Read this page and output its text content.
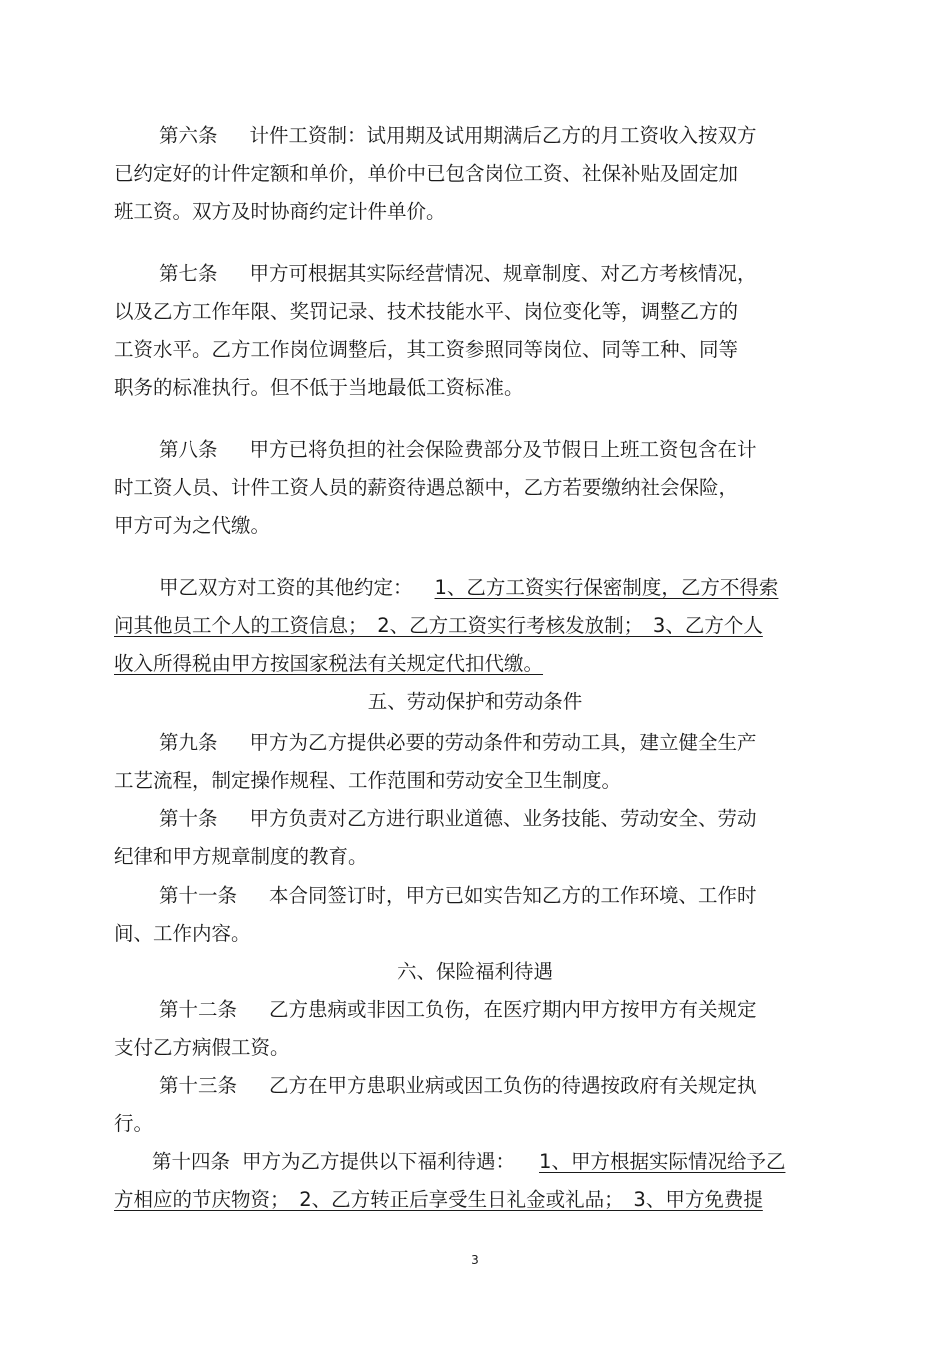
第六条 计件工资制：试用期及试用期满后乙方的月工资收入按双方
已约定好的计件定额和单价，单价中已包含岗位工资、社保补贴及固定加
班工资。双方及时协商约定计件单价。
第七条 甲方可根据其实际经营情况、规章制度、对乙方考核情况，
以及乙方工作年限、奖罚记录、技术技能水平、岗位变化等，调整乙方的
工资水平。乙方工作岗位调整后，其工资参照同等岗位、同等工种、同等
职务的标准执行。但不低于当地最低工资标准。
第八条 甲方已将负担的社会保险费部分及节假日上班工资包含在计
时工资人员、计件工资人员的薪资待遇总额中，乙方若要缴纳社会保险，
甲方可为之代缴。
甲乙双方对工资的其他约定： 1、乙方工资实行保密制度，乙方不得索
问其他员工个人的工资信息；　2、乙方工资实行考核发放制；　3、乙方个人
收入所得税由甲方按国家税法有关规定代扣代缴。
五、劳动保护和劳动条件
第九条 甲方为乙方提供必要的劳动条件和劳动工具，建立健全生产
工艺流程，制定操作规程、工作范围和劳动安全卫生制度。
第十条 甲方负责对乙方进行职业道德、业务技能、劳动安全、劳动
纪律和甲方规章制度的教育。
第十一条 本合同签订时，甲方已如实告知乙方的工作环境、工作时
间、工作内容。
六、保险福利待遇
第十二条 乙方患病或非因工负伤，在医疗期内甲方按甲方有关规定
支付乙方病假工资。
第十三条 乙方在甲方患职业病或因工负伤的待遇按政府有关规定执
行。
第十四条 甲方为乙方提供以下福利待遇： 1、甲方根据实际情况给予乙
方相应的节庆物资；　2、乙方转正后享受生日礼金或礼品；　3、甲方免费提
3
